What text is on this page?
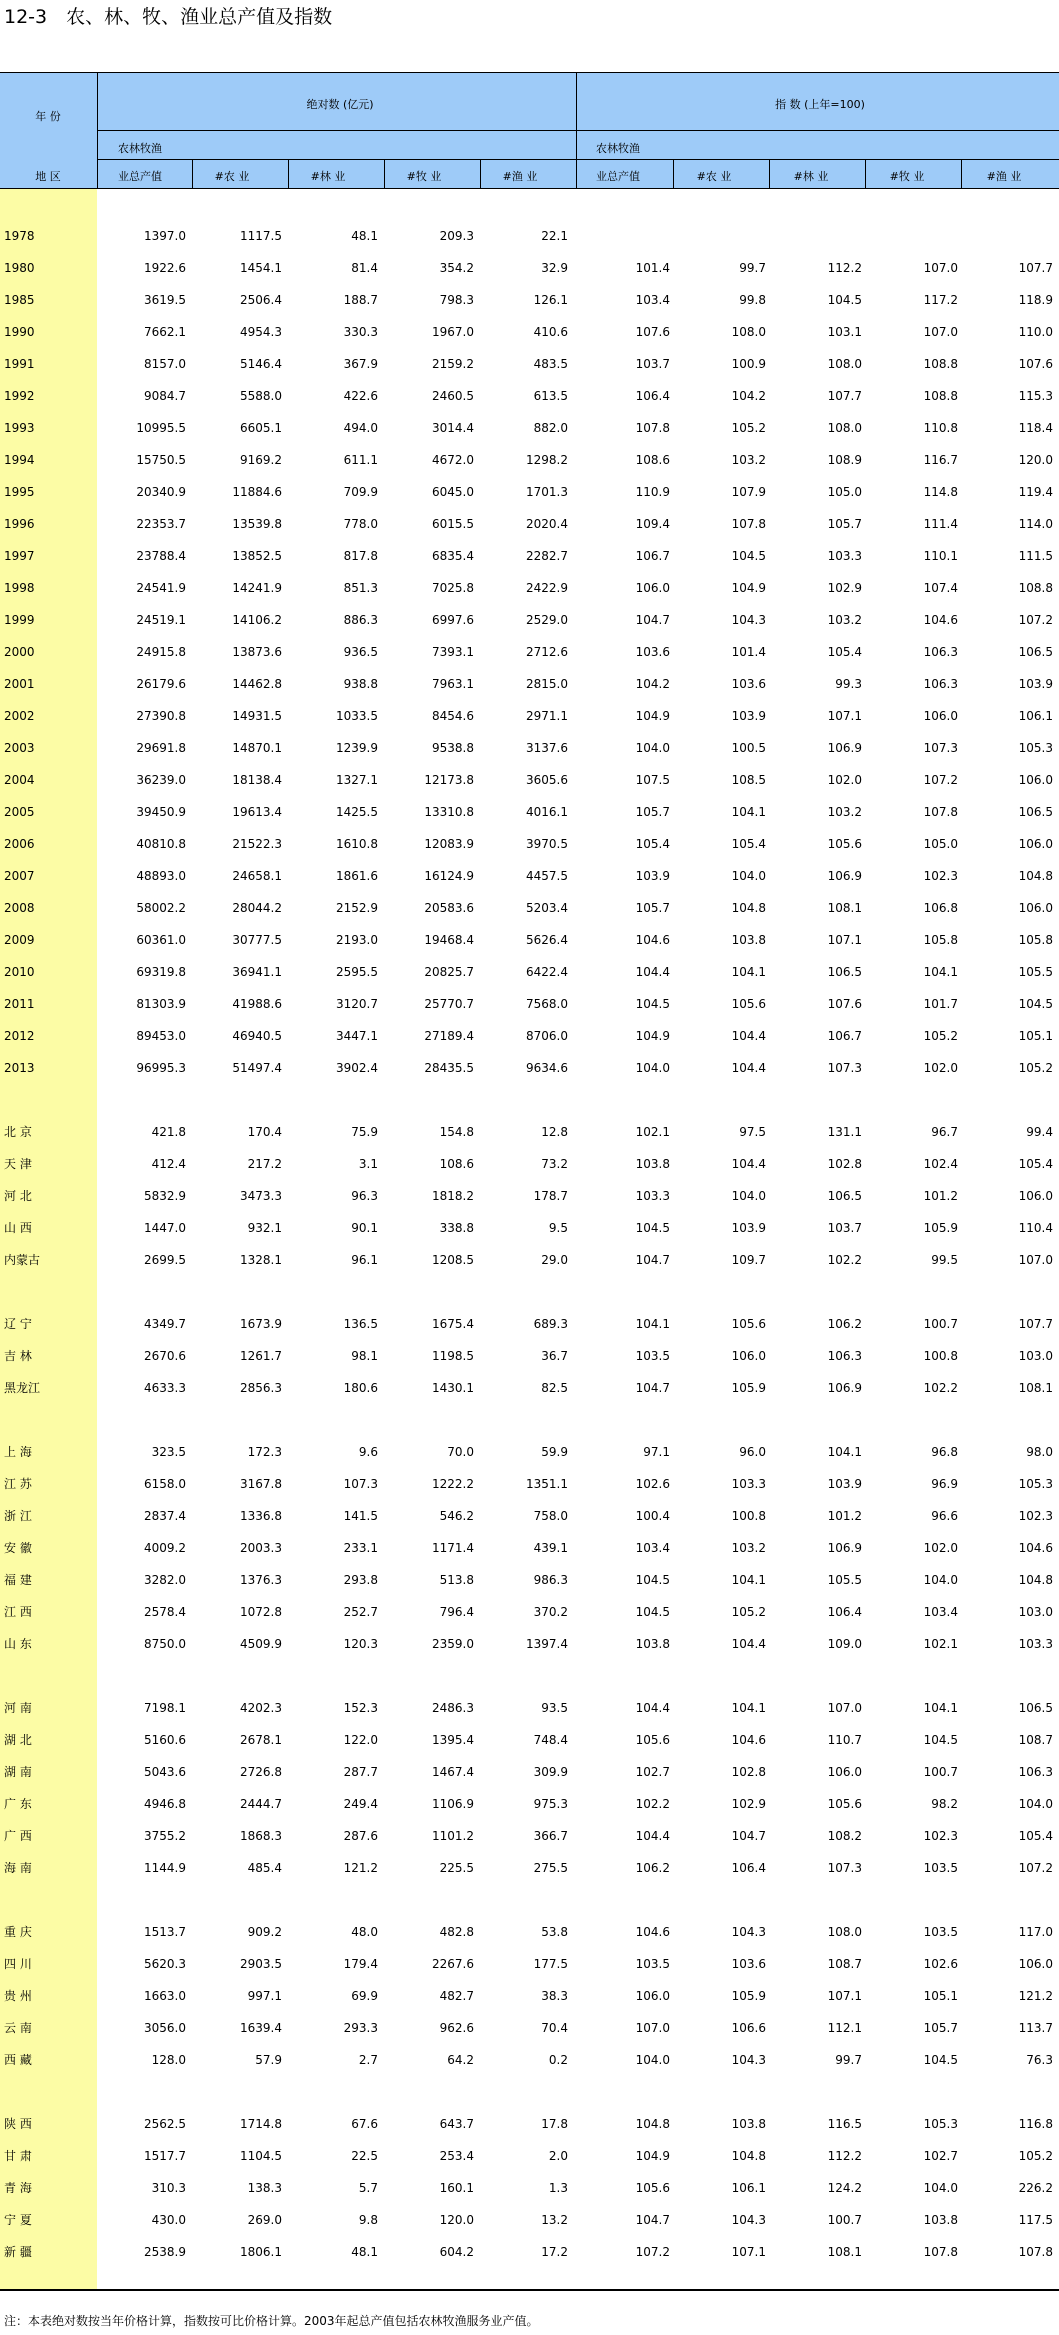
12-3　农、林、牧、渔业总产值及指数
年 份
地 区
绝对数 (亿元)	指 数 (上年=100)
农林牧渔
业总产值	#农 业	#林 业	#牧 业	#渔 业
农林牧渔
业总产值	#农 业	#林 业	#牧 业	#渔 业
1978	1397.0	1117.5	48.1	209.3	22.1
1980	1922.6	1454.1	81.4	354.2	32.9	101.4	99.7	112.2	107.0	107.7
1985	3619.5	2506.4	188.7	798.3	126.1	103.4	99.8	104.5	117.2	118.9
1990	7662.1	4954.3	330.3	1967.0	410.6	107.6	108.0	103.1	107.0	110.0
1991	8157.0	5146.4	367.9	2159.2	483.5	103.7	100.9	108.0	108.8	107.6
1992	9084.7	5588.0	422.6	2460.5	613.5	106.4	104.2	107.7	108.8	115.3
1993	10995.5	6605.1	494.0	3014.4	882.0	107.8	105.2	108.0	110.8	118.4
1994	15750.5	9169.2	611.1	4672.0	1298.2	108.6	103.2	108.9	116.7	120.0
1995	20340.9	11884.6	709.9	6045.0	1701.3	110.9	107.9	105.0	114.8	119.4
1996	22353.7	13539.8	778.0	6015.5	2020.4	109.4	107.8	105.7	111.4	114.0
1997	23788.4	13852.5	817.8	6835.4	2282.7	106.7	104.5	103.3	110.1	111.5
1998	24541.9	14241.9	851.3	7025.8	2422.9	106.0	104.9	102.9	107.4	108.8
1999	24519.1	14106.2	886.3	6997.6	2529.0	104.7	104.3	103.2	104.6	107.2
2000	24915.8	13873.6	936.5	7393.1	2712.6	103.6	101.4	105.4	106.3	106.5
2001	26179.6	14462.8	938.8	7963.1	2815.0	104.2	103.6	99.3	106.3	103.9
2002	27390.8	14931.5	1033.5	8454.6	2971.1	104.9	103.9	107.1	106.0	106.1
2003	29691.8	14870.1	1239.9	9538.8	3137.6	104.0	100.5	106.9	107.3	105.3
2004	36239.0	18138.4	1327.1	12173.8	3605.6	107.5	108.5	102.0	107.2	106.0
2005	39450.9	19613.4	1425.5	13310.8	4016.1	105.7	104.1	103.2	107.8	106.5
2006	40810.8	21522.3	1610.8	12083.9	3970.5	105.4	105.4	105.6	105.0	106.0
2007	48893.0	24658.1	1861.6	16124.9	4457.5	103.9	104.0	106.9	102.3	104.8
2008	58002.2	28044.2	2152.9	20583.6	5203.4	105.7	104.8	108.1	106.8	106.0
2009	60361.0	30777.5	2193.0	19468.4	5626.4	104.6	103.8	107.1	105.8	105.8
2010	69319.8	36941.1	2595.5	20825.7	6422.4	104.4	104.1	106.5	104.1	105.5
2011	81303.9	41988.6	3120.7	25770.7	7568.0	104.5	105.6	107.6	101.7	104.5
2012	89453.0	46940.5	3447.1	27189.4	8706.0	104.9	104.4	106.7	105.2	105.1
2013	96995.3	51497.4	3902.4	28435.5	9634.6	104.0	104.4	107.3	102.0	105.2
北 京	421.8	170.4	75.9	154.8	12.8	102.1	97.5	131.1	96.7	99.4
天 津	412.4	217.2	3.1	108.6	73.2	103.8	104.4	102.8	102.4	105.4
河 北	5832.9	3473.3	96.3	1818.2	178.7	103.3	104.0	106.5	101.2	106.0
山 西	1447.0	932.1	90.1	338.8	9.5	104.5	103.9	103.7	105.9	110.4
内蒙古	2699.5	1328.1	96.1	1208.5	29.0	104.7	109.7	102.2	99.5	107.0
辽 宁	4349.7	1673.9	136.5	1675.4	689.3	104.1	105.6	106.2	100.7	107.7
吉 林	2670.6	1261.7	98.1	1198.5	36.7	103.5	106.0	106.3	100.8	103.0
黑龙江	4633.3	2856.3	180.6	1430.1	82.5	104.7	105.9	106.9	102.2	108.1
上 海	323.5	172.3	9.6	70.0	59.9	97.1	96.0	104.1	96.8	98.0
江 苏	6158.0	3167.8	107.3	1222.2	1351.1	102.6	103.3	103.9	96.9	105.3
浙 江	2837.4	1336.8	141.5	546.2	758.0	100.4	100.8	101.2	96.6	102.3
安 徽	4009.2	2003.3	233.1	1171.4	439.1	103.4	103.2	106.9	102.0	104.6
福 建	3282.0	1376.3	293.8	513.8	986.3	104.5	104.1	105.5	104.0	104.8
江 西	2578.4	1072.8	252.7	796.4	370.2	104.5	105.2	106.4	103.4	103.0
山 东	8750.0	4509.9	120.3	2359.0	1397.4	103.8	104.4	109.0	102.1	103.3
河 南	7198.1	4202.3	152.3	2486.3	93.5	104.4	104.1	107.0	104.1	106.5
湖 北	5160.6	2678.1	122.0	1395.4	748.4	105.6	104.6	110.7	104.5	108.7
湖 南	5043.6	2726.8	287.7	1467.4	309.9	102.7	102.8	106.0	100.7	106.3
广 东	4946.8	2444.7	249.4	1106.9	975.3	102.2	102.9	105.6	98.2	104.0
广 西	3755.2	1868.3	287.6	1101.2	366.7	104.4	104.7	108.2	102.3	105.4
海 南	1144.9	485.4	121.2	225.5	275.5	106.2	106.4	107.3	103.5	107.2
重 庆	1513.7	909.2	48.0	482.8	53.8	104.6	104.3	108.0	103.5	117.0
四 川	5620.3	2903.5	179.4	2267.6	177.5	103.5	103.6	108.7	102.6	106.0
贵 州	1663.0	997.1	69.9	482.7	38.3	106.0	105.9	107.1	105.1	121.2
云 南	3056.0	1639.4	293.3	962.6	70.4	107.0	106.6	112.1	105.7	113.7
西 藏	128.0	57.9	2.7	64.2	0.2	104.0	104.3	99.7	104.5	76.3
陕 西	2562.5	1714.8	67.6	643.7	17.8	104.8	103.8	116.5	105.3	116.8
甘 肃	1517.7	1104.5	22.5	253.4	2.0	104.9	104.8	112.2	102.7	105.2
青 海	310.3	138.3	5.7	160.1	1.3	105.6	106.1	124.2	104.0	226.2
宁 夏	430.0	269.0	9.8	120.0	13.2	104.7	104.3	100.7	103.8	117.5
新 疆	2538.9	1806.1	48.1	604.2	17.2	107.2	107.1	108.1	107.8	107.8
注：本表绝对数按当年价格计算，指数按可比价格计算。2003年起总产值包括农林牧渔服务业产值。
